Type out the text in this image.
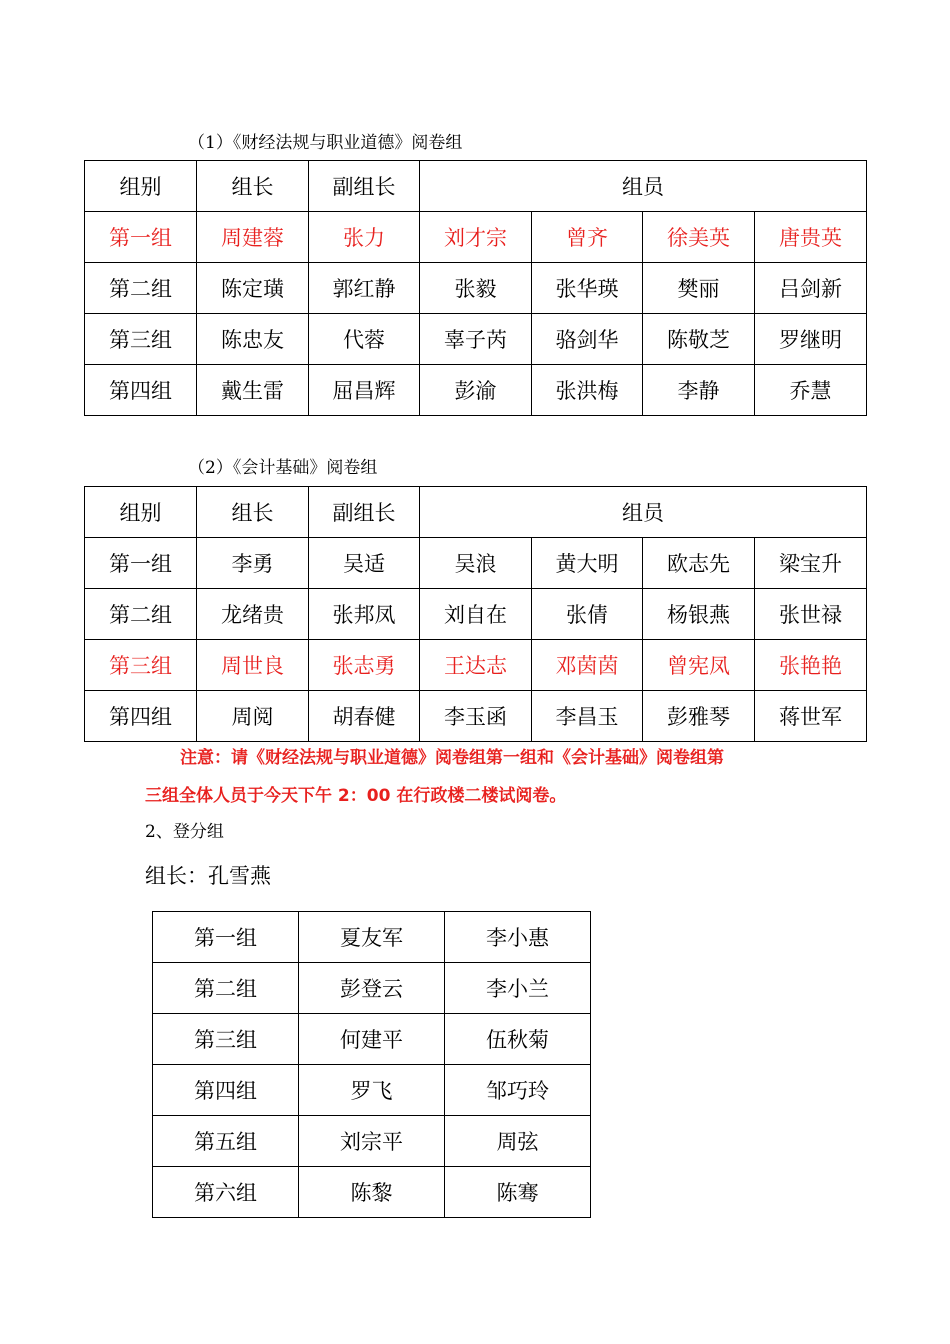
（1）《财经法规与职业道德》阅卷组
组别	组长	副组长	组员			
第一组	周建蓉	张力	刘才宗	曾齐	徐美英	唐贵英
第二组	陈定璜	郭红静	张毅	张华瑛	樊丽	吕剑新
第三组	陈忠友	代蓉	辜子芮	骆剑华	陈敬芝	罗继明
第四组	戴生雷	屈昌辉	彭渝	张洪梅	李静	乔慧
（2）《会计基础》阅卷组
组别	组长	副组长	组员			
第一组	李勇	吴适	吴浪	黄大明	欧志先	梁宝升
第二组	龙绪贵	张邦凤	刘自在	张倩	杨银燕	张世禄
第三组	周世良	张志勇	王达志	邓茵茵	曾宪凤	张艳艳
第四组	周阅	胡春健	李玉函	李昌玉	彭雅琴	蒋世军
注意：请《财经法规与职业道德》阅卷组第一组和《会计基础》阅卷组第
三组全体人员于今天下午 2：00 在行政楼二楼试阅卷。
2、登分组
组长：孔雪燕
第一组	夏友军	李小惠
第二组	彭登云	李小兰
第三组	何建平	伍秋菊
第四组	罗飞	邹巧玲
第五组	刘宗平	周弦
第六组	陈黎	陈骞
